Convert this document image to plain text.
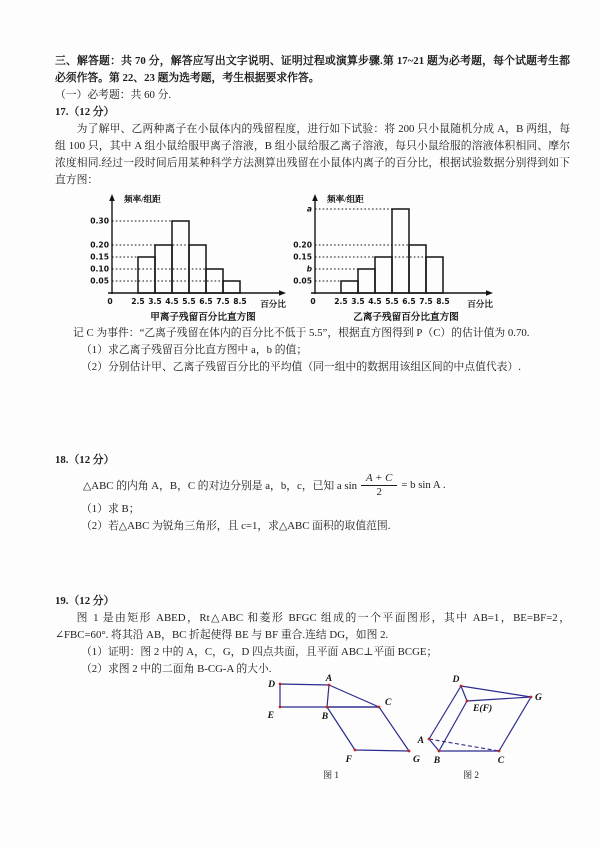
三、解答题：共 70 分，解答应写出文字说明、证明过程或演算步骤.第 17~21 题为必考题，每个试题考生都必须作答。第 22、23 题为选考题，考生根据要求作答。

（一）必考题：共 60 分.

17.（12 分）

为了解甲、乙两种离子在小鼠体内的残留程度，进行如下试验：将 200 只小鼠随机分成 A，B 两组，每组 100 只，其中 A 组小鼠给服甲离子溶液，B 组小鼠给服乙离子溶液，每只小鼠给服的溶液体积相同、摩尔浓度相同.经过一段时间后用某种科学方法测算出残留在小鼠体内离子的百分比，根据试验数据分别得到如下直方图：

0.05
0.10
0.15
0.20
0.30
频率/组距
0 2.5 3.5 4.5 5.5 6.5 7.5 8.5 百分比
甲离子残留百分比直方图
0.05
b
0.15
0.20
a
频率/组距
0 2.5 3.5 4.5 5.5 6.5 7.5 8.5 百分比
乙离子残留百分比直方图

记 C 为事件：“乙离子残留在体内的百分比不低于 5.5”，根据直方图得到 P（C）的估计值为 0.70.

（1）求乙离子残留百分比直方图中 a，b 的值；

（2）分别估计甲、乙离子残留百分比的平均值（同一组中的数据用该组区间的中点值代表）.

18.（12 分）

△ABC 的内角 A，B，C 的对边分别是 a，b，c，已知 a $\sin \frac{A + C}{2} = b$ sin A .

（1）求 B；

（2）若△ABC 为锐角三角形，且 c=1，求△ABC 面积的取值范围.

19.（12 分）

图 1 是由矩形 ABED，Rt△ABC 和菱形 BFGC 组成的一个平面图形，其中 AB=1，BE=BF=2，∠FBC=60°. 将其沿 AB，BC 折起使得 BE 与 BF 重合.连结 DG，如图 2.

（1）证明：图 2 中的 A，C，G，D 四点共面，且平面 ABC⊥平面 BCGE；

（2）求图 2 中的二面角 B-CG-A 的大小.

D
A
E	B
C
F	G
图 1
D
G
E(F)
A
B	C
图 2
